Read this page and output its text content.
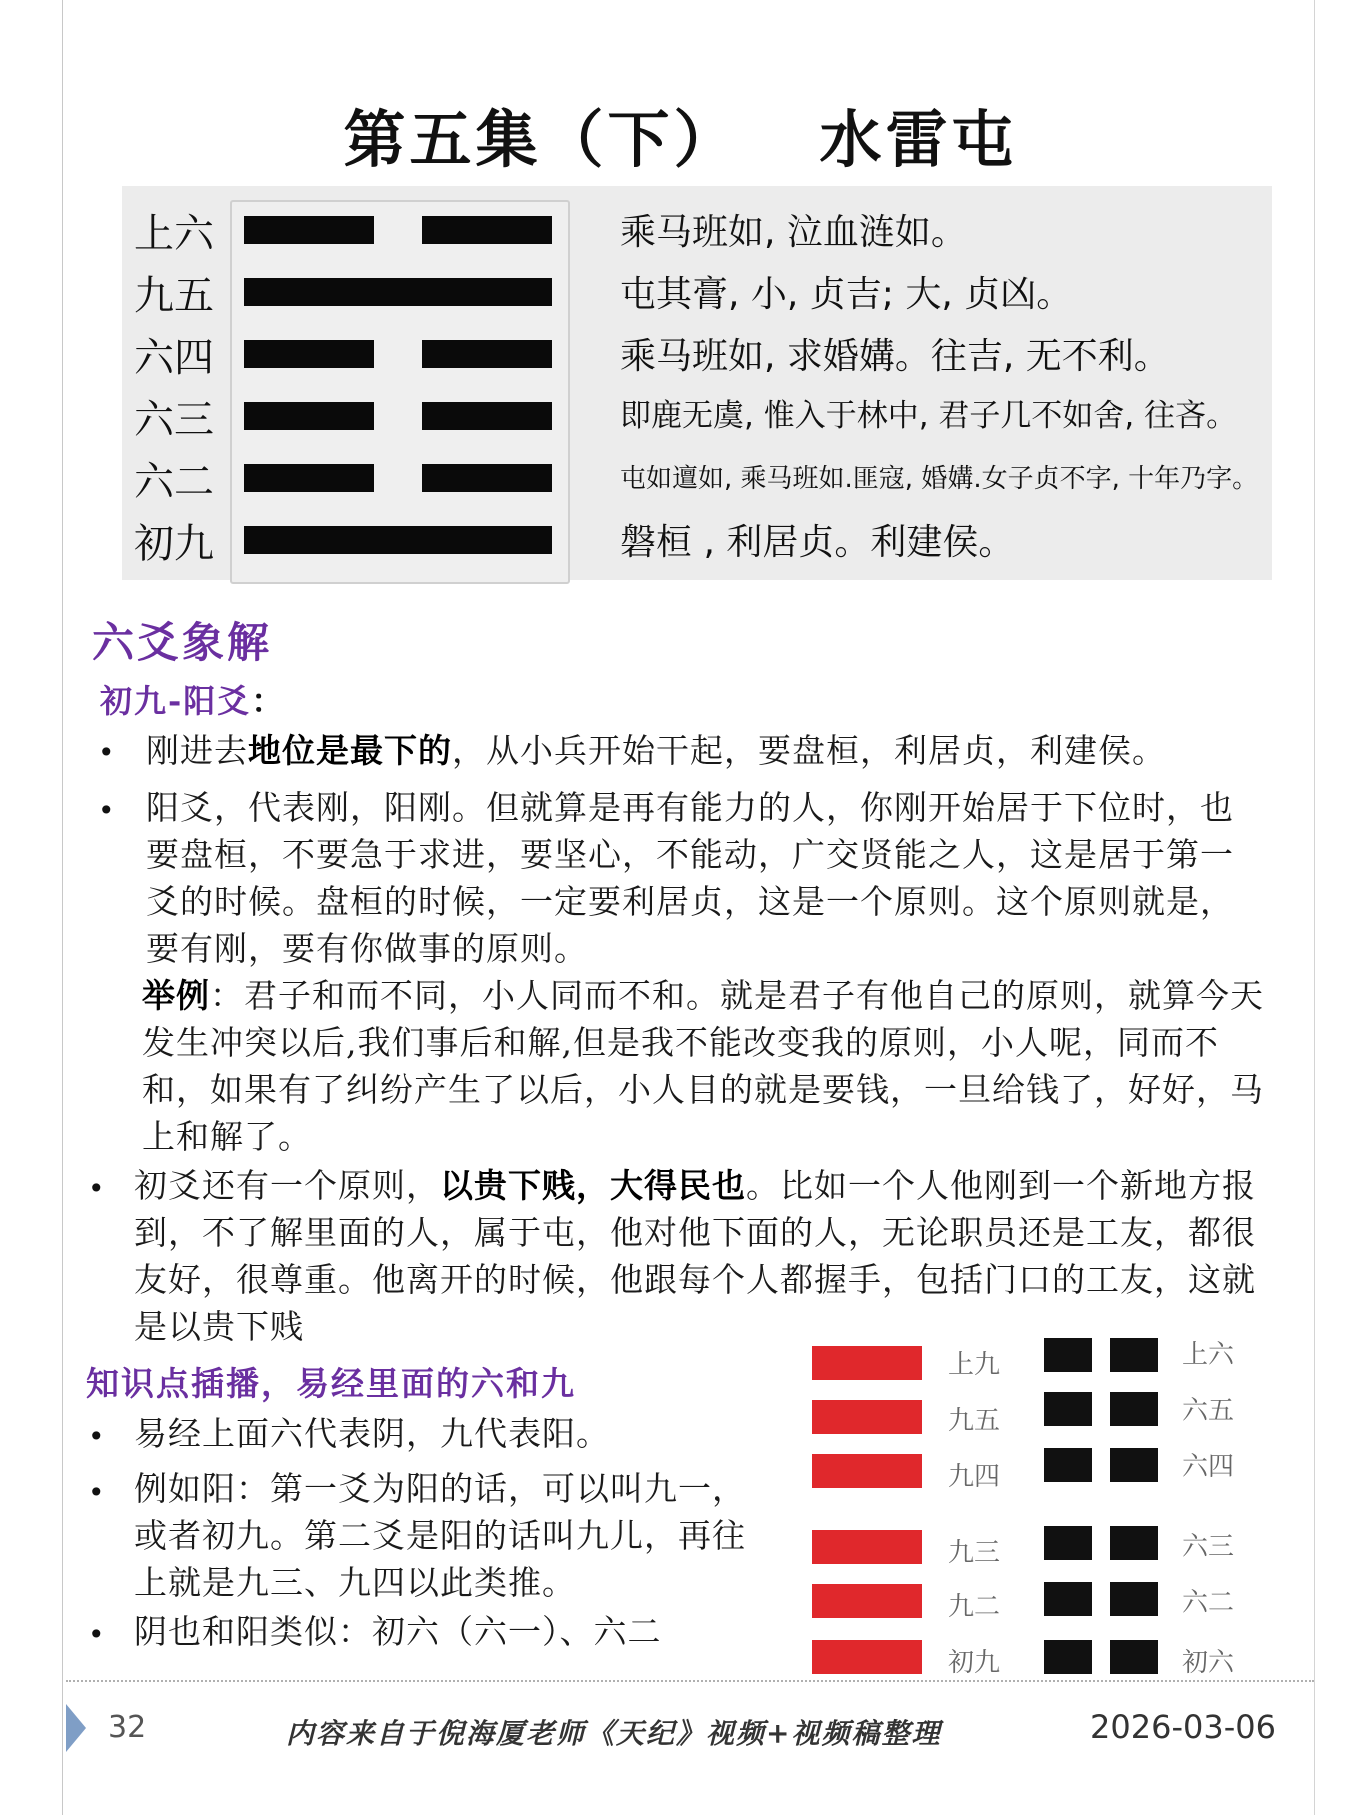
第五集（下） 水雷屯
上六	乘马班如, 泣血涟如。
九五	屯其膏, 小, 贞吉; 大, 贞凶。
六四	乘马班如, 求婚媾。往吉, 无不利。
六三	即鹿无虞, 惟入于林中, 君子几不如舍, 往吝。
六二	屯如邅如, 乘马班如.匪寇, 婚媾.女子贞不字, 十年乃字。
初九	磐桓 , 利居贞。利建侯。
六爻象解
初九-阳爻：
• 刚进去地位是最下的，从小兵开始干起，要盘桓，利居贞，利建侯。
• 阳爻，代表刚，阳刚。但就算是再有能力的人，你刚开始居于下位时，也要盘桓，不要急于求进，要坚心，不能动，广交贤能之人，这是居于第一爻的时候。盘桓的时候，一定要利居贞，这是一个原则。这个原则就是，要有刚，要有你做事的原则。
举例：君子和而不同，小人同而不和。就是君子有他自己的原则，就算今天发生冲突以后,我们事后和解,但是我不能改变我的原则，小人呢，同而不和，如果有了纠纷产生了以后，小人目的就是要钱，一旦给钱了，好好，马上和解了。
• 初爻还有一个原则，以贵下贱，大得民也。比如一个人他刚到一个新地方报到，不了解里面的人，属于屯，他对他下面的人，无论职员还是工友，都很友好，很尊重。他离开的时候，他跟每个人都握手，包括门口的工友，这就是以贵下贱
知识点插播，易经里面的六和九
• 易经上面六代表阴，九代表阳。
• 例如阳：第一爻为阳的话，可以叫九一，或者初九。第二爻是阳的话叫九儿，再往上就是九三、九四以此类推。
• 阴也和阳类似：初六（六一）、六二
上九	上六
九五	六五
九四	六四
九三	六三
九二	六二
初九	初六
32	内容来自于倪海厦老师《天纪》视频+视频稿整理	2026-03-06
